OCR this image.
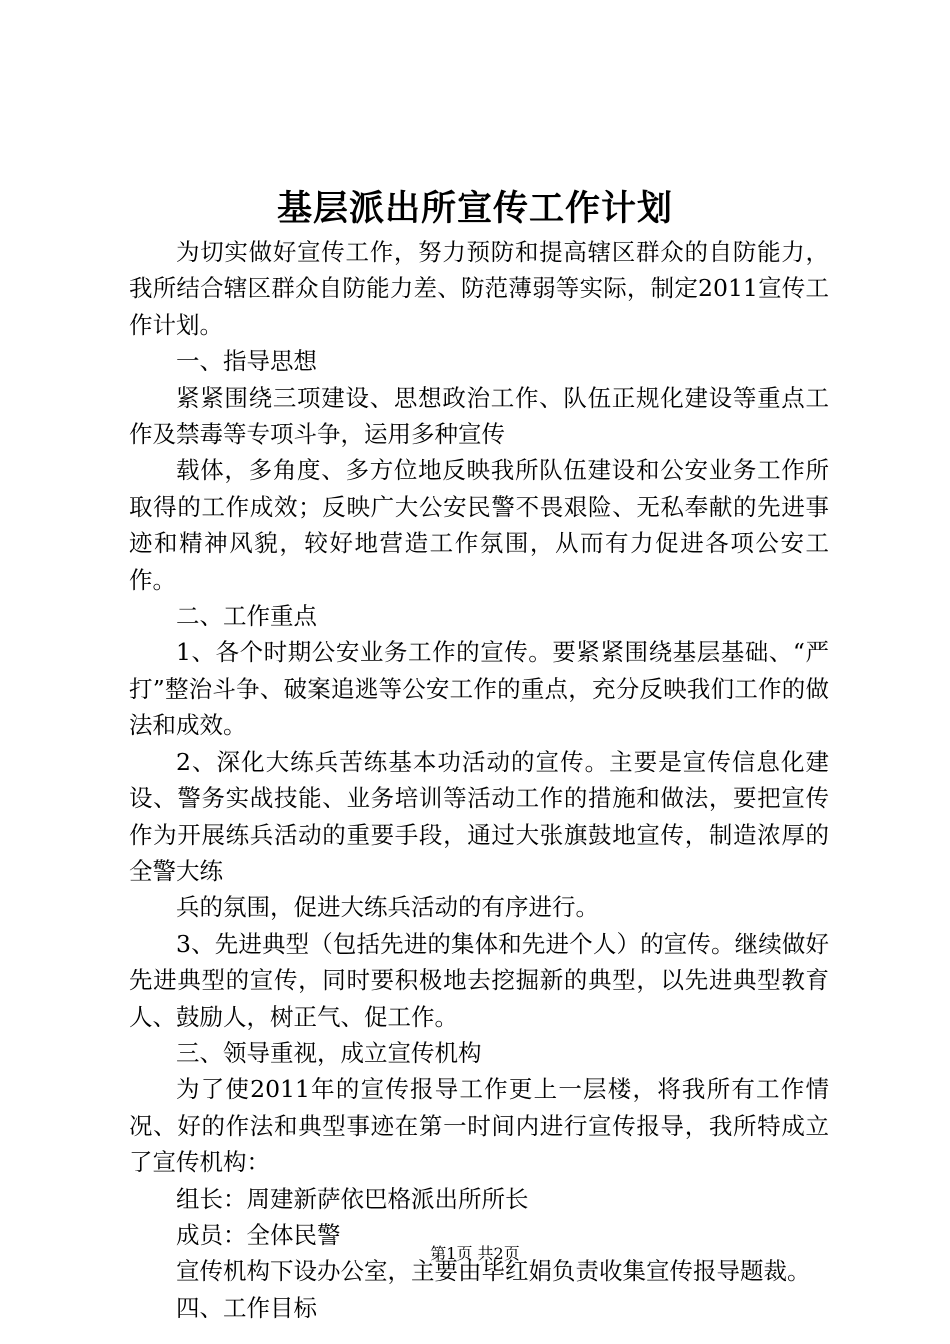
基层派出所宣传工作计划

为切实做好宣传工作，努力预防和提高辖区群众的自防能力，我所结合辖区群众自防能力差、防范薄弱等实际，制定2011宣传工作计划。

一、指导思想

紧紧围绕三项建设、思想政治工作、队伍正规化建设等重点工作及禁毒等专项斗争，运用多种宣传

载体，多角度、多方位地反映我所队伍建设和公安业务工作所取得的工作成效；反映广大公安民警不畏艰险、无私奉献的先进事迹和精神风貌，较好地营造工作氛围，从而有力促进各项公安工作。

二、工作重点

1、各个时期公安业务工作的宣传。要紧紧围绕基层基础、“严打”整治斗争、破案追逃等公安工作的重点，充分反映我们工作的做法和成效。

2、深化大练兵苦练基本功活动的宣传。主要是宣传信息化建设、警务实战技能、业务培训等活动工作的措施和做法，要把宣传作为开展练兵活动的重要手段，通过大张旗鼓地宣传，制造浓厚的全警大练

兵的氛围，促进大练兵活动的有序进行。

3、先进典型（包括先进的集体和先进个人）的宣传。继续做好先进典型的宣传，同时要积极地去挖掘新的典型，以先进典型教育人、鼓励人，树正气、促工作。

三、领导重视，成立宣传机构

为了使2011年的宣传报导工作更上一层楼，将我所有工作情况、好的作法和典型事迹在第一时间内进行宣传报导，我所特成立了宣传机构：

组长：周建新萨依巴格派出所所长

成员：全体民警

宣传机构下设办公室，主要由毕红娟负责收集宣传报导题裁。

四、工作目标

第1页 共2页
